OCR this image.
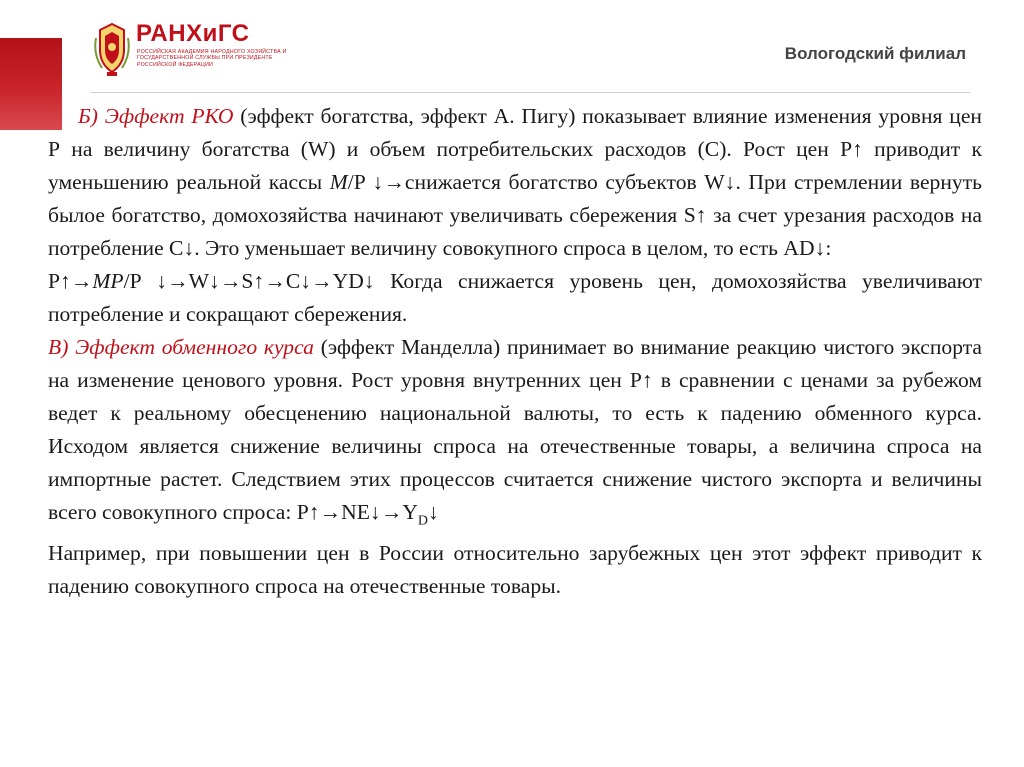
РАНХиГС
РОССИЙСКАЯ АКАДЕМИЯ НАРОДНОГО ХОЗЯЙСТВА И ГОСУДАРСТВЕННОЙ СЛУЖБЫ ПРИ ПРЕЗИДЕНТЕ РОССИЙСКОЙ ФЕДЕРАЦИИ
Вологодский филиал

Б) Эффект РКО (эффект богатства, эффект А. Пигу) показывает влияние изменения уровня цен Р на величину богатства (W) и объем потребительских расходов (С). Рост цен Р↑ приводит к уменьшению реальной кассы M/P ↓→снижается богатство субъектов W↓. При стремлении вернуть былое богатство, домохозяйства начинают увеличивать сбережения S↑ за счет урезания расходов на потребление С↓. Это уменьшает величину совокупного спроса в целом, то есть AD↓:

P↑→MP/P ↓→W↓→S↑→C↓→YD↓ Когда снижается уровень цен, домохозяйства увеличивают потребление и сокращают сбережения.

В) Эффект обменного курса (эффект Манделла) принимает во внимание реакцию чистого экспорта на изменение ценового уровня. Рост уровня внутренних цен Р↑ в сравнении с ценами за рубежом ведет к реальному обесценению национальной валюты, то есть к падению обменного курса. Исходом является снижение величины спроса на отечественные товары, а величина спроса на импортные растет. Следствием этих процессов считается снижение чистого экспорта и величины всего совокупного спроса: $P↑\to NE↓\to Y_D↓$

Например, при повышении цен в России относительно зарубежных цен этот эффект приводит к падению совокупного спроса на отечественные товары.
